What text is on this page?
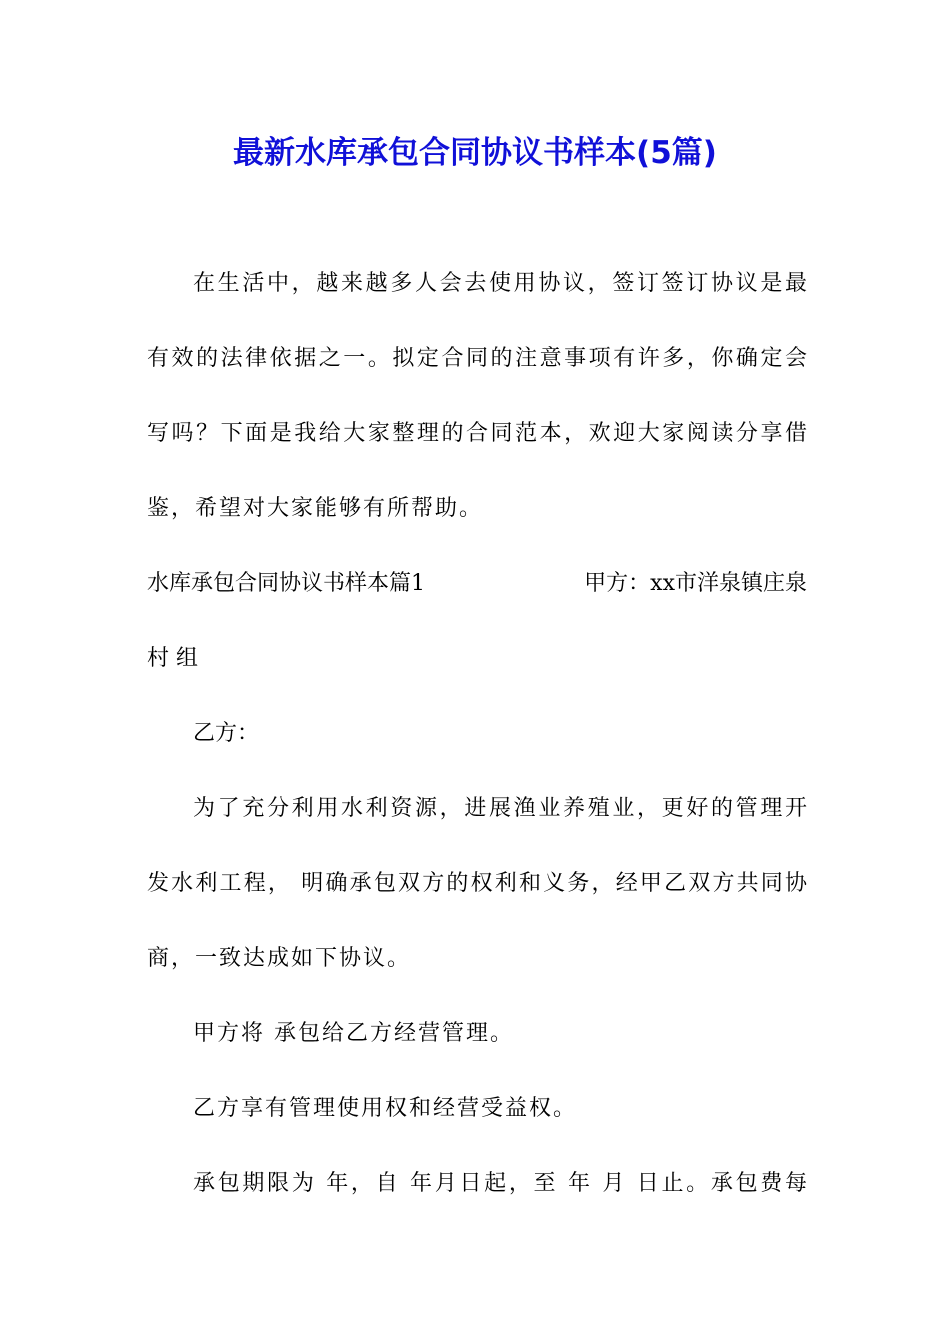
最新水库承包合同协议书样本(5篇)

在生活中，越来越多人会去使用协议，签订签订协议是最

有效的法律依据之一。拟定合同的注意事项有许多，你确定会

写吗？下面是我给大家整理的合同范本，欢迎大家阅读分享借

鉴，希望对大家能够有所帮助。

水库承包合同协议书样本篇1	甲方：xx市洋泉镇庄泉

村 组

乙方：

为了充分利用水利资源，进展渔业养殖业，更好的管理开

发水利工程， 明确承包双方的权利和义务，经甲乙双方共同协

商，一致达成如下协议。

甲方将 承包给乙方经营管理。

乙方享有管理使用权和经营受益权。

承包期限为 年，自 年月日起，至 年 月 日止。承包费每
